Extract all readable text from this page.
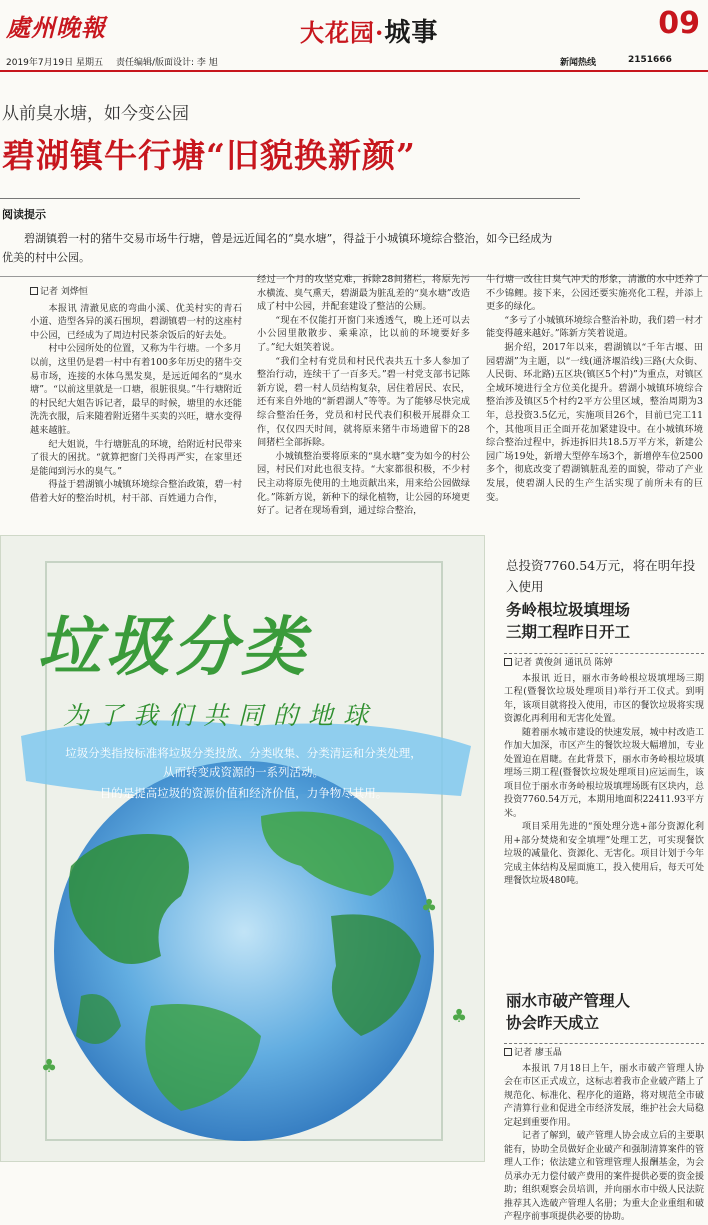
處州晚報	大花园·城事	09
2019年7月19日 星期五 责任编辑/版面设计: 李 旭	新闻热线	2151666
从前臭水塘，如今变公园
碧湖镇牛行塘“旧貌换新颜”
阅读提示
碧湖镇碧一村的猪牛交易市场牛行塘，曾是远近闻名的“臭水塘”，得益于小城镇环境综合整治，如今已经成为优美的村中公园。

记者 刘烨恒

本报讯 清澈见底的弯曲小溪、优美村实的青石小道、造型各异的溪石围坝，碧湖镇碧一村的这座村中公园，已经成为了周边村民茶余饭后的好去处。

村中公园所处的位置，又称为牛行塘。一个多月以前，这里仍是碧一村中有着100多年历史的猪牛交易市场，连接的水体乌黑发臭，是远近闻名的“臭水塘”。“以前这里就是一口塘，很脏很臭。”牛行塘附近的村民纪大姐告诉记者，最早的时候，塘里的水还能洗洗衣服，后来随着附近猪牛买卖的兴旺，塘水变得越来越脏。

纪大姐说，牛行塘脏乱的环境，给附近村民带来了很大的困扰。“就算把窗门关得再严实，在家里还是能闻到污水的臭气。”

得益于碧湖镇小城镇环境综合整治政策，碧一村借着大好的整治时机，村干部、百姓通力合作，

经过一个月的攻坚克难，拆除28间猪栏，将原先污水横流、臭气熏天，碧湖最为脏乱差的“臭水塘”改造成了村中公园，并配套建设了整洁的公厕。

“现在不仅能打开窗门来透透气，晚上还可以去小公园里散散步、乘乘凉，比以前的环境要好多了。”纪大姐笑着说。

“我们全村有党员和村民代表共五十多人参加了整治行动，连续干了一百多天。”碧一村党支部书记陈新方说，碧一村人员结构复杂，居住着居民、农民，还有来自外地的“新碧湖人”等等。为了能够尽快完成综合整治任务，党员和村民代表们积极开展群众工作，仅仅四天时间，就将原来猪牛市场遗留下的28间猪栏全部拆除。

小城镇整治要将原来的“臭水塘”变为如今的村公园，村民们对此也很支持。“大家都很积极，不少村民主动将原先使用的土地贡献出来，用来给公园做绿化。”陈新方说，新种下的绿化植物，让公园的环境更好了。记者在现场看到，通过综合整治，

牛行塘一改往日臭气冲天的形象，清澈的水中还养了不少锦鲤。接下来，公园还要实施亮化工程，并添上更多的绿化。

“多亏了小城镇环境综合整治补助，我们碧一村才能变得越来越好。”陈新方笑着说道。

据介绍，2017年以来，碧湖镇以“千年古堰、田园碧湖”为主题，以“一线(通济堰沿线)三路(大众街、人民街、环北路)五区块(镇区5个村)”为重点，对镇区全域环境进行全方位美化提升。碧湖小城镇环境综合整治涉及镇区5个村约2平方公里区域，整治周期为3年，总投资3.5亿元，实施项目26个，目前已完工11个，其他项目正全面开花加紧建设中。在小城镇环境综合整治过程中，拆违拆旧共18.5万平方米，新建公园广场19处，新增大型停车场3个，新增停车位2500多个，彻底改变了碧湖镇脏乱差的面貌，带动了产业发展，使碧湖人民的生产生活实现了前所未有的巨变。

♣
♣
♣
垃圾分类
为了我们共同的地球
垃圾分类指按标准将垃圾分类投放、分类收集、分类清运和分类处理，
从而转变成资源的一系列活动。
目的是提高垃圾的资源价值和经济价值，力争物尽其用。
总投资7760.54万元，将在明年投入使用
务岭根垃圾填埋场
三期工程昨日开工

记者 黄俊剑 通讯员 陈婷

本报讯 近日，丽水市务岭根垃圾填埋场三期工程(暨餐饮垃圾处理项目)举行开工仪式。到明年，该项目就将投入使用，市区的餐饮垃圾将实现资源化再利用和无害化处置。

随着丽水城市建设的快速发展，城中村改造工作加大加深，市区产生的餐饮垃圾大幅增加，专业处置迫在眉睫。在此背景下，丽水市务岭根垃圾填埋场三期工程(暨餐饮垃圾处理项目)应运而生，该项目位于丽水市务岭根垃圾填埋场既有区块内，总投资7760.54万元，本期用地面积22411.93平方米。

项目采用先进的“预处理分选+部分资源化利用+部分焚烧和安全填埋”处理工艺，可实现餐饮垃圾的减量化、资源化、无害化。项目计划于今年完成主体结构及屋面施工，投入使用后，每天可处理餐饮垃圾480吨。

丽水市破产管理人
协会昨天成立

记者 廖玉晶

本报讯 7月18日上午，丽水市破产管理人协会在市区正式成立，这标志着我市企业破产踏上了规范化、标准化、程序化的道路，将对规范全市破产清算行业和促进全市经济发展，维护社会大局稳定起到重要作用。

记者了解到，破产管理人协会成立后的主要职能有，协助全员做好企业破产和强制清算案件的管理人工作；依法建立和管理管理人报酬基金，为会员承办无力偿付破产费用的案件提供必要的资金援助；组织观察会员培训，并向丽水市中级人民法院推荐其入选破产管理人名册；为重大企业重组和破产程序前事项提供必要的协助。
